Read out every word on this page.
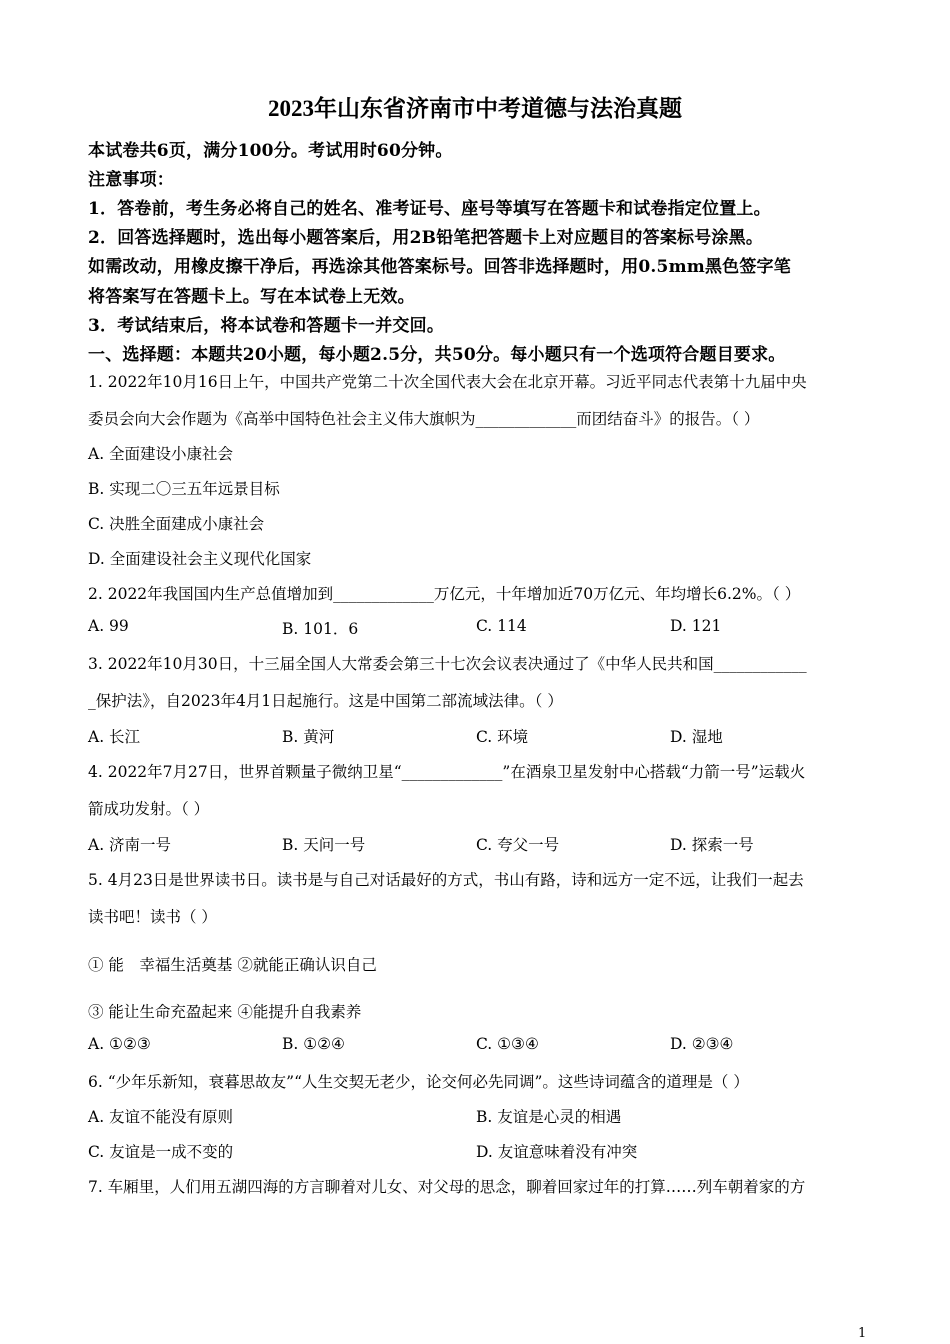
2023年山东省济南市中考道德与法治真题
本试卷共6页，满分100分。考试用时60分钟。
注意事项：
1．答卷前，考生务必将自己的姓名、准考证号、座号等填写在答题卡和试卷指定位置上。
2．回答选择题时，选出每小题答案后，用2B铅笔把答题卡上对应题目的答案标号涂黑。
如需改动，用橡皮擦干净后，再选涂其他答案标号。回答非选择题时，用0.5mm黑色签字笔
将答案写在答题卡上。写在本试卷上无效。
3．考试结束后，将本试卷和答题卡一并交回。
一、选择题：本题共20小题，每小题2.5分，共50分。每小题只有一个选项符合题目要求。
1. 2022年10月16日上午，中国共产党第二十次全国代表大会在北京开幕。习近平同志代表第十九届中央
委员会向大会作题为《高举中国特色社会主义伟大旗帜为_____________而团结奋斗》的报告。（ ）
A. 全面建设小康社会
B. 实现二〇三五年远景目标
C. 决胜全面建成小康社会
D. 全面建设社会主义现代化国家
2. 2022年我国国内生产总值增加到_____________万亿元，十年增加近70万亿元、年均增长6.2%。（ ）
A. 99	B. 101．6	C. 114	D. 121
3. 2022年10月30日，十三届全国人大常委会第三十七次会议表决通过了《中华人民共和国____________
_保护法》，自2023年4月1日起施行。这是中国第二部流域法律。（ ）
A. 长江	B. 黄河	C. 环境	D. 湿地
4. 2022年7月27日，世界首颗量子微纳卫星“_____________”在酒泉卫星发射中心搭载“力箭一号”运载火
箭成功发射。（ ）
A. 济南一号	B. 天问一号	C. 夸父一号	D. 探索一号
5. 4月23日是世界读书日。读书是与自己对话最好的方式，书山有路，诗和远方一定不远，让我们一起去
读书吧！读书（ ）
① 能　幸福生活奠基 ②就能正确认识自己
③ 能让生命充盈起来 ④能提升自我素养
A. ①②③	B. ①②④	C. ①③④	D. ②③④
6. “少年乐新知，衰暮思故友”“人生交契无老少，论交何必先同调”。这些诗词蕴含的道理是（ ）
A. 友谊不能没有原则	B. 友谊是心灵的相遇
C. 友谊是一成不变的	D. 友谊意味着没有冲突
7. 车厢里，人们用五湖四海的方言聊着对儿女、对父母的思念，聊着回家过年的打算……列车朝着家的方
1
